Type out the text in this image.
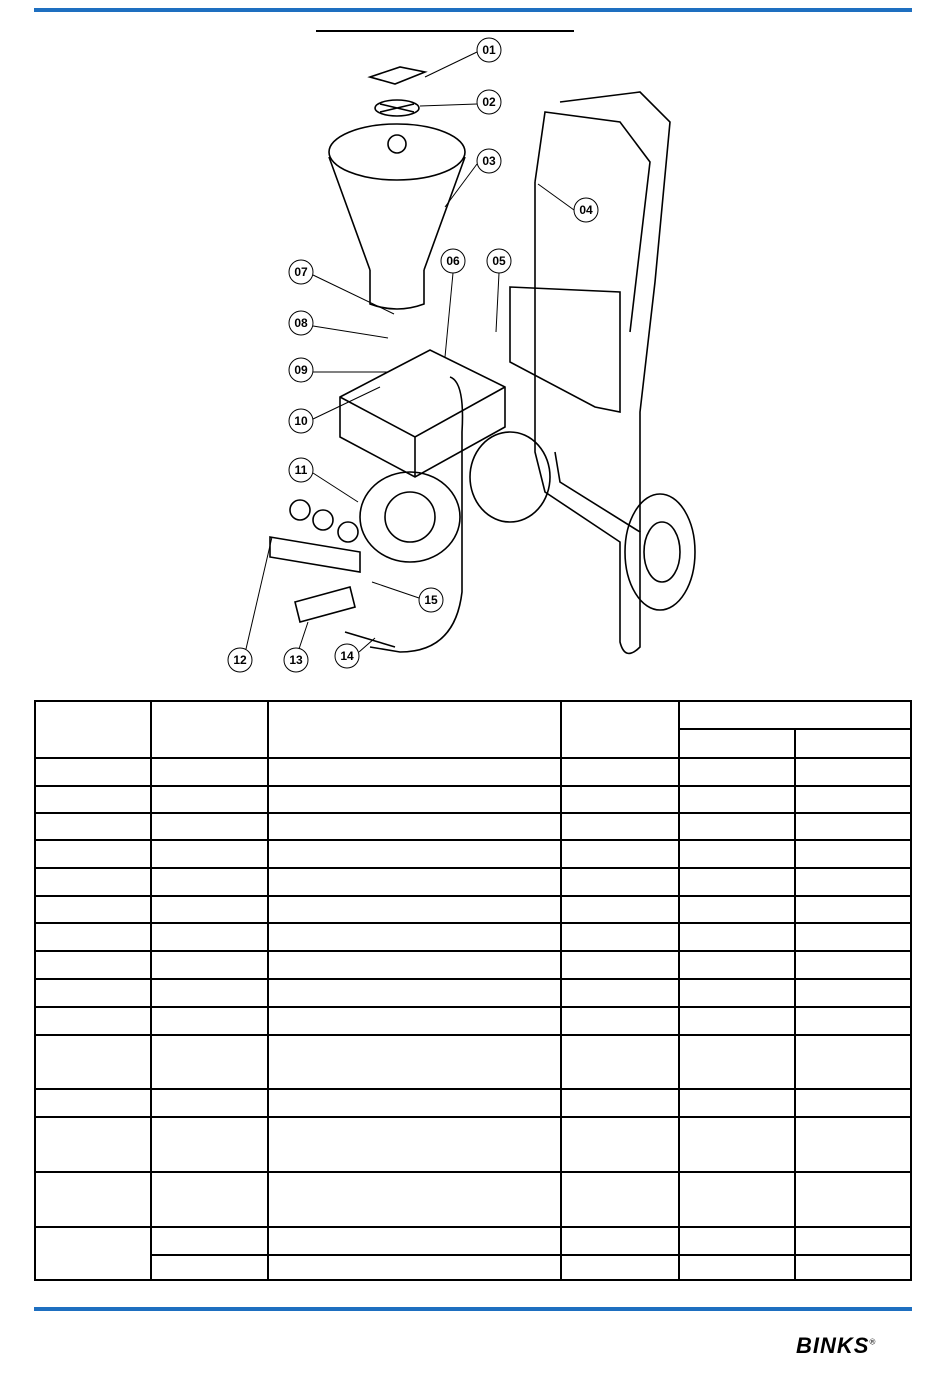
01
02
03
04
05
06
07
08
09
10
11
12	13	14
15
BINKS®
